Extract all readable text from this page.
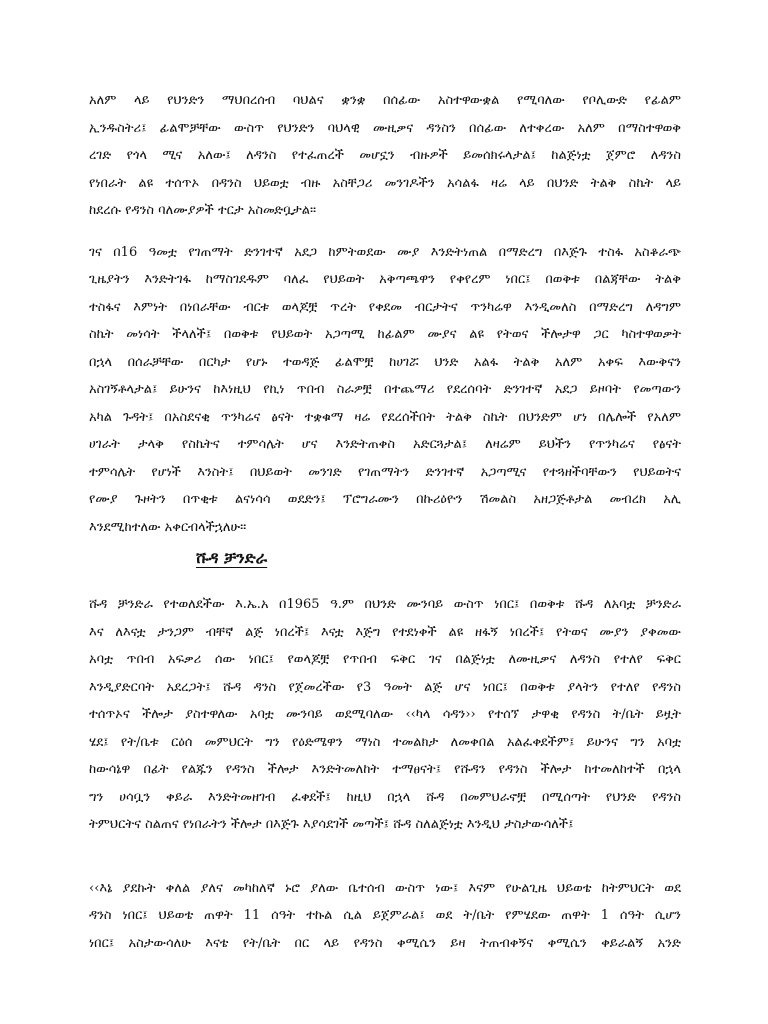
አለም ላይ የህንድን ማህበረሰብ ባህልና ቋንቋ በሰፊው አስተዋውቋል የሚባለው የቦሊውድ የፊልም
ኢንዱስትሪ፤ ፊልሞቻቸው ውስጥ የህንድን ባህላዊ ሙዚቃና ዳንስን በሰፊው ለተቀረው አለም በማስተዋወቅ
ረገድ የጎላ ሚና አለው፤ ለዳንስ የተፈጠረች መሆኗን ብዙዎች ይመሰክሩላታል፤ ከልጅነቷ ጀምሮ ለዳንስ
የነበራት ልዩ ተሰጥኦ በዳንስ ህይወቷ ብዙ አስቸጋሪ መንገዶችን አሳልፋ ዛሬ ላይ በህንድ ትልቅ ስኬት ላይ
ከደረሱ የዳንስ ባለሙያዎች ተርታ አስመድቧታል።
ገና በ16 ዓመቷ የገጠማት ድንገተኛ አደጋ ከምትወደው ሙያ እንድትነጠል በማድረግ በእጅጉ ተስፋ አስቆራጭ
ጊዜያትን እንድትገፋ ከማስገደዱም ባለፈ የህይወት አቅጣጫዋን የቀየረም ነበር፤ በወቅቱ በልጃቸው ትልቅ
ተስፋና እምነት በነበራቸው ብርቱ ወላጆቿ ጥረት የቀደመ ብርታትና ጥንካሬዋ እንዲመለስ በማድረግ ለዳግም
ስኬት መነሳት ችላለች፤ በወቅቱ የህይወት አጋጣሚ ከፊልም ሙያና ልዩ የትወና ችሎታዋ ጋር ካስተዋወቃት
በኋላ በሰራቻቸው በርካታ የሆኑ ተወዳጅ ፊልሞቿ ከሀገሯ ህንድ አልፋ ትልቅ አለም አቀፍ እውቅናን
አስገኝቶላታል፤ ይሁንና ከእነዚህ የኪነ ጥበብ ስራዎቿ በተጨማሪ የደረሰባት ድንገተኛ አደጋ ይዞባት የመጣውን
አካል ጉዳት፤ በአስደናቂ ጥንካሬና ፅናት ተቋቁማ ዛሬ የደረሰችበት ትልቅ ስኬት በህንድም ሆነ በሌሎች የአለም
ሀገራት ታላቅ የስኬትና ተምሳሌት ሆና እንድትጠቀስ አድርጓታል፤ ለዛሬም ይህችን የጥንካሬና የፅናት
ተምሳሌት የሆነች እንስት፤ በህይወት መንገድ የገጠማትን ድንገተኛ አጋጣሚና የተጓዘችባቸውን የህይወትና
የሙያ ጉዞትን በጥቂቱ ልናነሳሳ ወደድን፤ ፕሮግራሙን በኩሪዕዮን ሽመልስ አዘጋጅቶታል መብረክ አሊ
እንደሚከተለው አቀርብላችኋለሁ።
ሹዳ ቻንድራ
ሹዳ ቻንድራ የተወለደችው እ.ኤ.አ በ1965 ዓ.ም በህንድ ሙንባይ ውስጥ ነበር፤ በወቅቱ ሹዳ ለአባቷ ቻንድራ
እና ለእናቷ ታንጋም ብቸኛ ልጅ ነበረች፤ እናቷ እጅግ የተደነቀች ልዩ ዘፋኝ ነበረች፤ የትወና ሙያን ያቀመው
አባቷ ጥበብ አፍቃሪ ሰው ነበር፤ የወላጆቿ የጥበብ ፍቅር ገና በልጅነቷ ለሙዚቃና ለዳንስ የተለየ ፍቅር
እንዲያድርባት አደረጋት፤ ሹዳ ዳንስ የጀመረችው የ3 ዓመት ልጅ ሆና ነበር፤ በወቅቱ ያላትን የተለየ የዳንስ
ተሰጥኦና ችሎታ ያስተዋለው አባቷ ሙንባይ ወደሚባለው ‹‹ካላ ሳዳን›› የተሰኘ ታዋቂ የዳንስ ት/ቤት ይዟት
ሄደ፤ የት/ቤቱ ርዕሰ መምህርት ግን የዕድሜዋን ማነስ ተመልክታ ለመቀበል አልፈቀደችም፤ ይሁንና ግን አባቷ
ከውሳኔዋ በፊት የልጁን የዳንስ ችሎታ እንድትመለከት ተማፀናት፤ የሹዳን የዳንስ ችሎታ ከተመለከተች በኋላ
ግን ሀሳቧን ቀይራ እንድትመዘገብ ፈቀደች፤ ከዚህ በኋላ ሹዳ በመምህራኖቿ በሚሰጣት የህንድ የዳንስ
ትምህርትና ስልጠና የነበራትን ችሎታ በእጅጉ እያሳደገች መጣች፤ ሹዳ ስለልጅነቷ እንዲህ ታስታውሳለች፤
‹‹እኔ ያደኩት ቀለል ያለና መካከለኛ ኑሮ ያለው ቤተሰብ ውስጥ ነው፤ እናም የሁልጊዜ ህይወቴ ከትምህርት ወደ
ዳንስ ነበር፤ ህይወቴ ጠዋት 11 ሰዓት ተኩል ሲል ይጀምራል፤ ወደ ት/ቤት የምሄደው ጠዋት 1 ሰዓት ሲሆን
ነበር፤ አስታውሳለሁ እናቴ የት/ቤት በር ላይ የዳንስ ቀሚሴን ይዛ ትጠብቀኝና ቀሚሴን ቀይራልኝ አንድ
